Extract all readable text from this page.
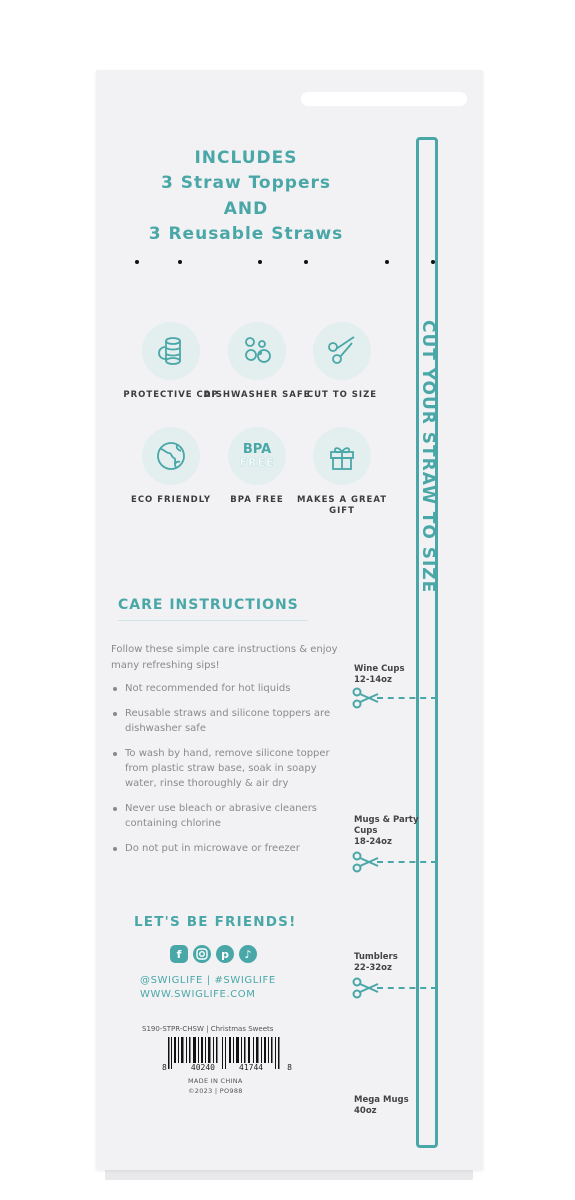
INCLUDES
3 Straw Toppers
AND
3 Reusable Straws
PROTECTIVE CAP
DISHWASHER SAFE
CUT TO SIZE
ECO FRIENDLY
BPA
FREE
BPA FREE	MAKES A GREAT GIFT
CARE INSTRUCTIONS
Follow these simple care instructions & enjoy many refreshing sips!
Not recommended for hot liquids
Reusable straws and silicone toppers are dishwasher safe
To wash by hand, remove silicone topper from plastic straw base, soak in soapy water, rinse thoroughly & air dry
Never use bleach or abrasive cleaners containing chlorine
Do not put in microwave or freezer
LET'S BE FRIENDS!
f	p	♪
@SWIGLIFE | #SWIGLIFE
WWW.SWIGLIFE.COM
S190-STPR-CHSW | Christmas Sweets
8	40240	41744	8
MADE IN CHINA
©2023 | PO988
CUT YOUR STRAW TO SIZE
Wine Cups
12-14oz
Mugs & Party Cups
18-24oz
Tumblers
22-32oz
Mega Mugs
40oz
